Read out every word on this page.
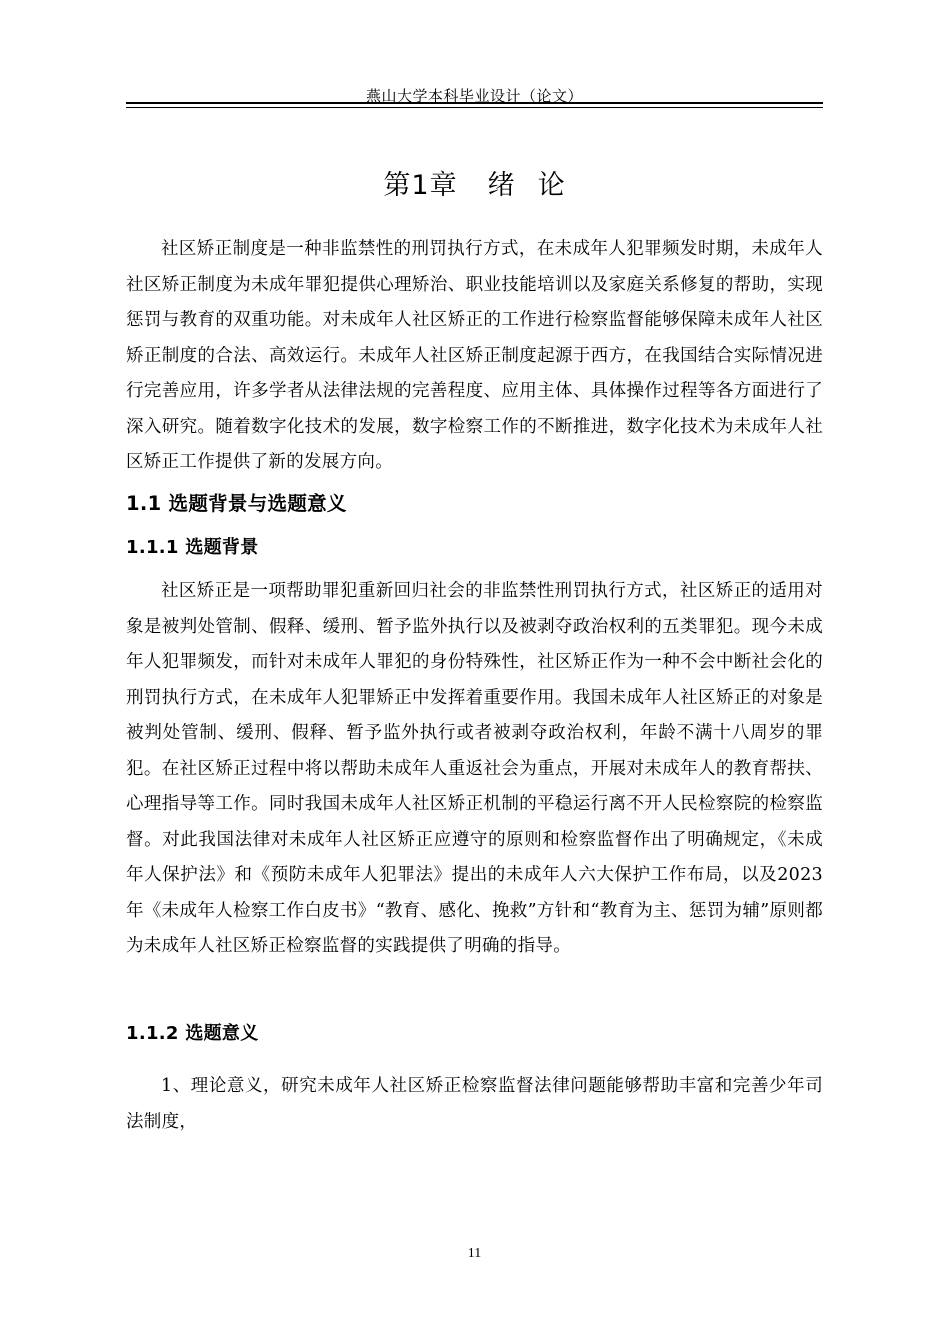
燕山大学本科毕业设计（论文）
第1章 绪 论

社区矫正制度是一种非监禁性的刑罚执行方式，在未成年人犯罪频发时期，未成年人社区矫正制度为未成年罪犯提供心理矫治、职业技能培训以及家庭关系修复的帮助，实现惩罚与教育的双重功能。对未成年人社区矫正的工作进行检察监督能够保障未成年人社区矫正制度的合法、高效运行。未成年人社区矫正制度起源于西方，在我国结合实际情况进行完善应用，许多学者从法律法规的完善程度、应用主体、具体操作过程等各方面进行了深入研究。随着数字化技术的发展，数字检察工作的不断推进，数字化技术为未成年人社区矫正工作提供了新的发展方向。

1.1 选题背景与选题意义
1.1.1 选题背景

社区矫正是一项帮助罪犯重新回归社会的非监禁性刑罚执行方式，社区矫正的适用对象是被判处管制、假释、缓刑、暂予监外执行以及被剥夺政治权利的五类罪犯。现今未成年人犯罪频发，而针对未成年人罪犯的身份特殊性，社区矫正作为一种不会中断社会化的刑罚执行方式，在未成年人犯罪矫正中发挥着重要作用。我国未成年人社区矫正的对象是被判处管制、缓刑、假释、暂予监外执行或者被剥夺政治权利，年龄不满十八周岁的罪犯。在社区矫正过程中将以帮助未成年人重返社会为重点，开展对未成年人的教育帮扶、心理指导等工作。同时我国未成年人社区矫正机制的平稳运行离不开人民检察院的检察监督。对此我国法律对未成年人社区矫正应遵守的原则和检察监督作出了明确规定，《未成年人保护法》和《预防未成年人犯罪法》提出的未成年人六大保护工作布局，以及2023年《未成年人检察工作白皮书》“教育、感化、挽救”方针和“教育为主、惩罚为辅”原则都为未成年人社区矫正检察监督的实践提供了明确的指导。

1.1.2 选题意义

1、理论意义，研究未成年人社区矫正检察监督法律问题能够帮助丰富和完善少年司法制度，

11
